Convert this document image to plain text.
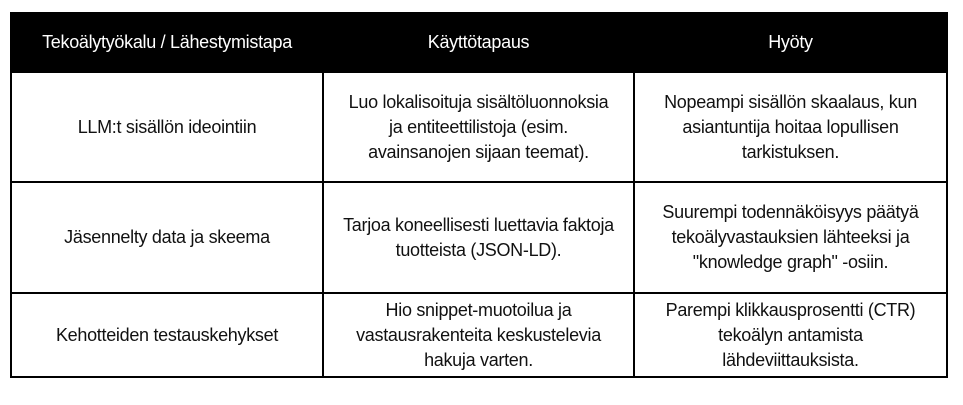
Tekoälytyökalu / Lähestymistapa	Käyttötapaus	Hyöty
LLM:t sisällön ideointiin	Luo lokalisoituja sisältöluonnoksia ja entiteettilistoja (esim. avainsanojen sijaan teemat).	Nopeampi sisällön skaalaus, kun asiantuntija hoitaa lopullisen tarkistuksen.
Jäsennelty data ja skeema	Tarjoa koneellisesti luettavia faktoja tuotteista (JSON-LD).	Suurempi todennäköisyys päätyä tekoälyvastauksien lähteeksi ja "knowledge graph" -osiin.
Kehotteiden testauskehykset	Hio snippet-muotoilua ja vastausrakenteita keskustelevia hakuja varten.	Parempi klikkausprosentti (CTR) tekoälyn antamista lähdeviittauksista.
